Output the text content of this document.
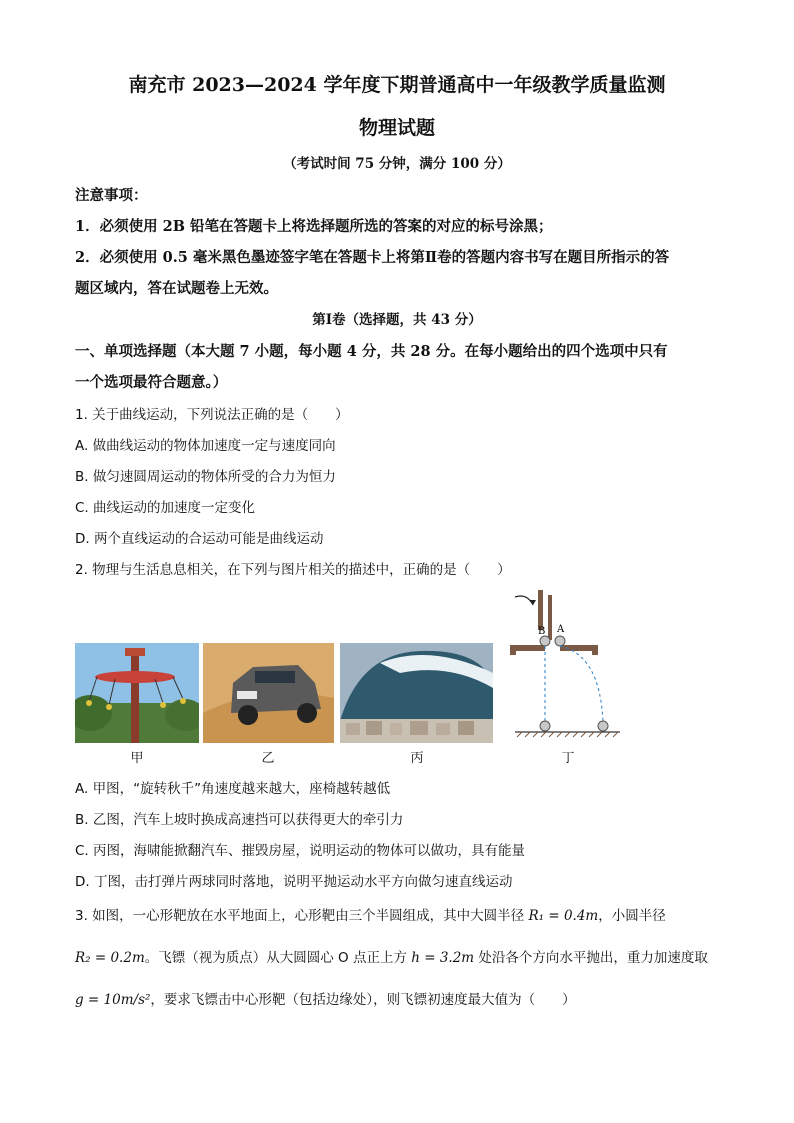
南充市 2023—2024 学年度下期普通高中一年级教学质量监测
物理试题
（考试时间 75 分钟，满分 100 分）
注意事项：
1．必须使用 2B 铅笔在答题卡上将选择题所选的答案的对应的标号涂黑；
2．必须使用 0.5 毫米黑色墨迹签字笔在答题卡上将第Ⅱ卷的答题内容书写在题目所指示的答
题区域内，答在试题卷上无效。
第Ⅰ卷（选择题，共 43 分）
一、单项选择题（本大题 7 小题，每小题 4 分，共 28 分。在每小题给出的四个选项中只有
一个选项最符合题意。）
1. 关于曲线运动，下列说法正确的是（　　）
A. 做曲线运动的物体加速度一定与速度同向
B. 做匀速圆周运动的物体所受的合力为恒力
C. 曲线运动的加速度一定变化
D. 两个直线运动的合运动可能是曲线运动
2. 物理与生活息息相关，在下列与图片相关的描述中，正确的是（　　）
B A
甲	乙	丙	丁
A. 甲图，“旋转秋千”角速度越来越大，座椅越转越低
B. 乙图，汽车上坡时换成高速挡可以获得更大的牵引力
C. 丙图，海啸能掀翻汽车、摧毁房屋，说明运动的物体可以做功，具有能量
D. 丁图，击打弹片两球同时落地，说明平抛运动水平方向做匀速直线运动
3. 如图，一心形靶放在水平地面上，心形靶由三个半圆组成，其中大圆半径 R₁ = 0.4m，小圆半径
R₂ = 0.2m。飞镖（视为质点）从大圆圆心 O 点正上方 h = 3.2m 处沿各个方向水平抛出，重力加速度取
g = 10m/s²，要求飞镖击中心形靶（包括边缘处），则飞镖初速度最大值为（　　）
